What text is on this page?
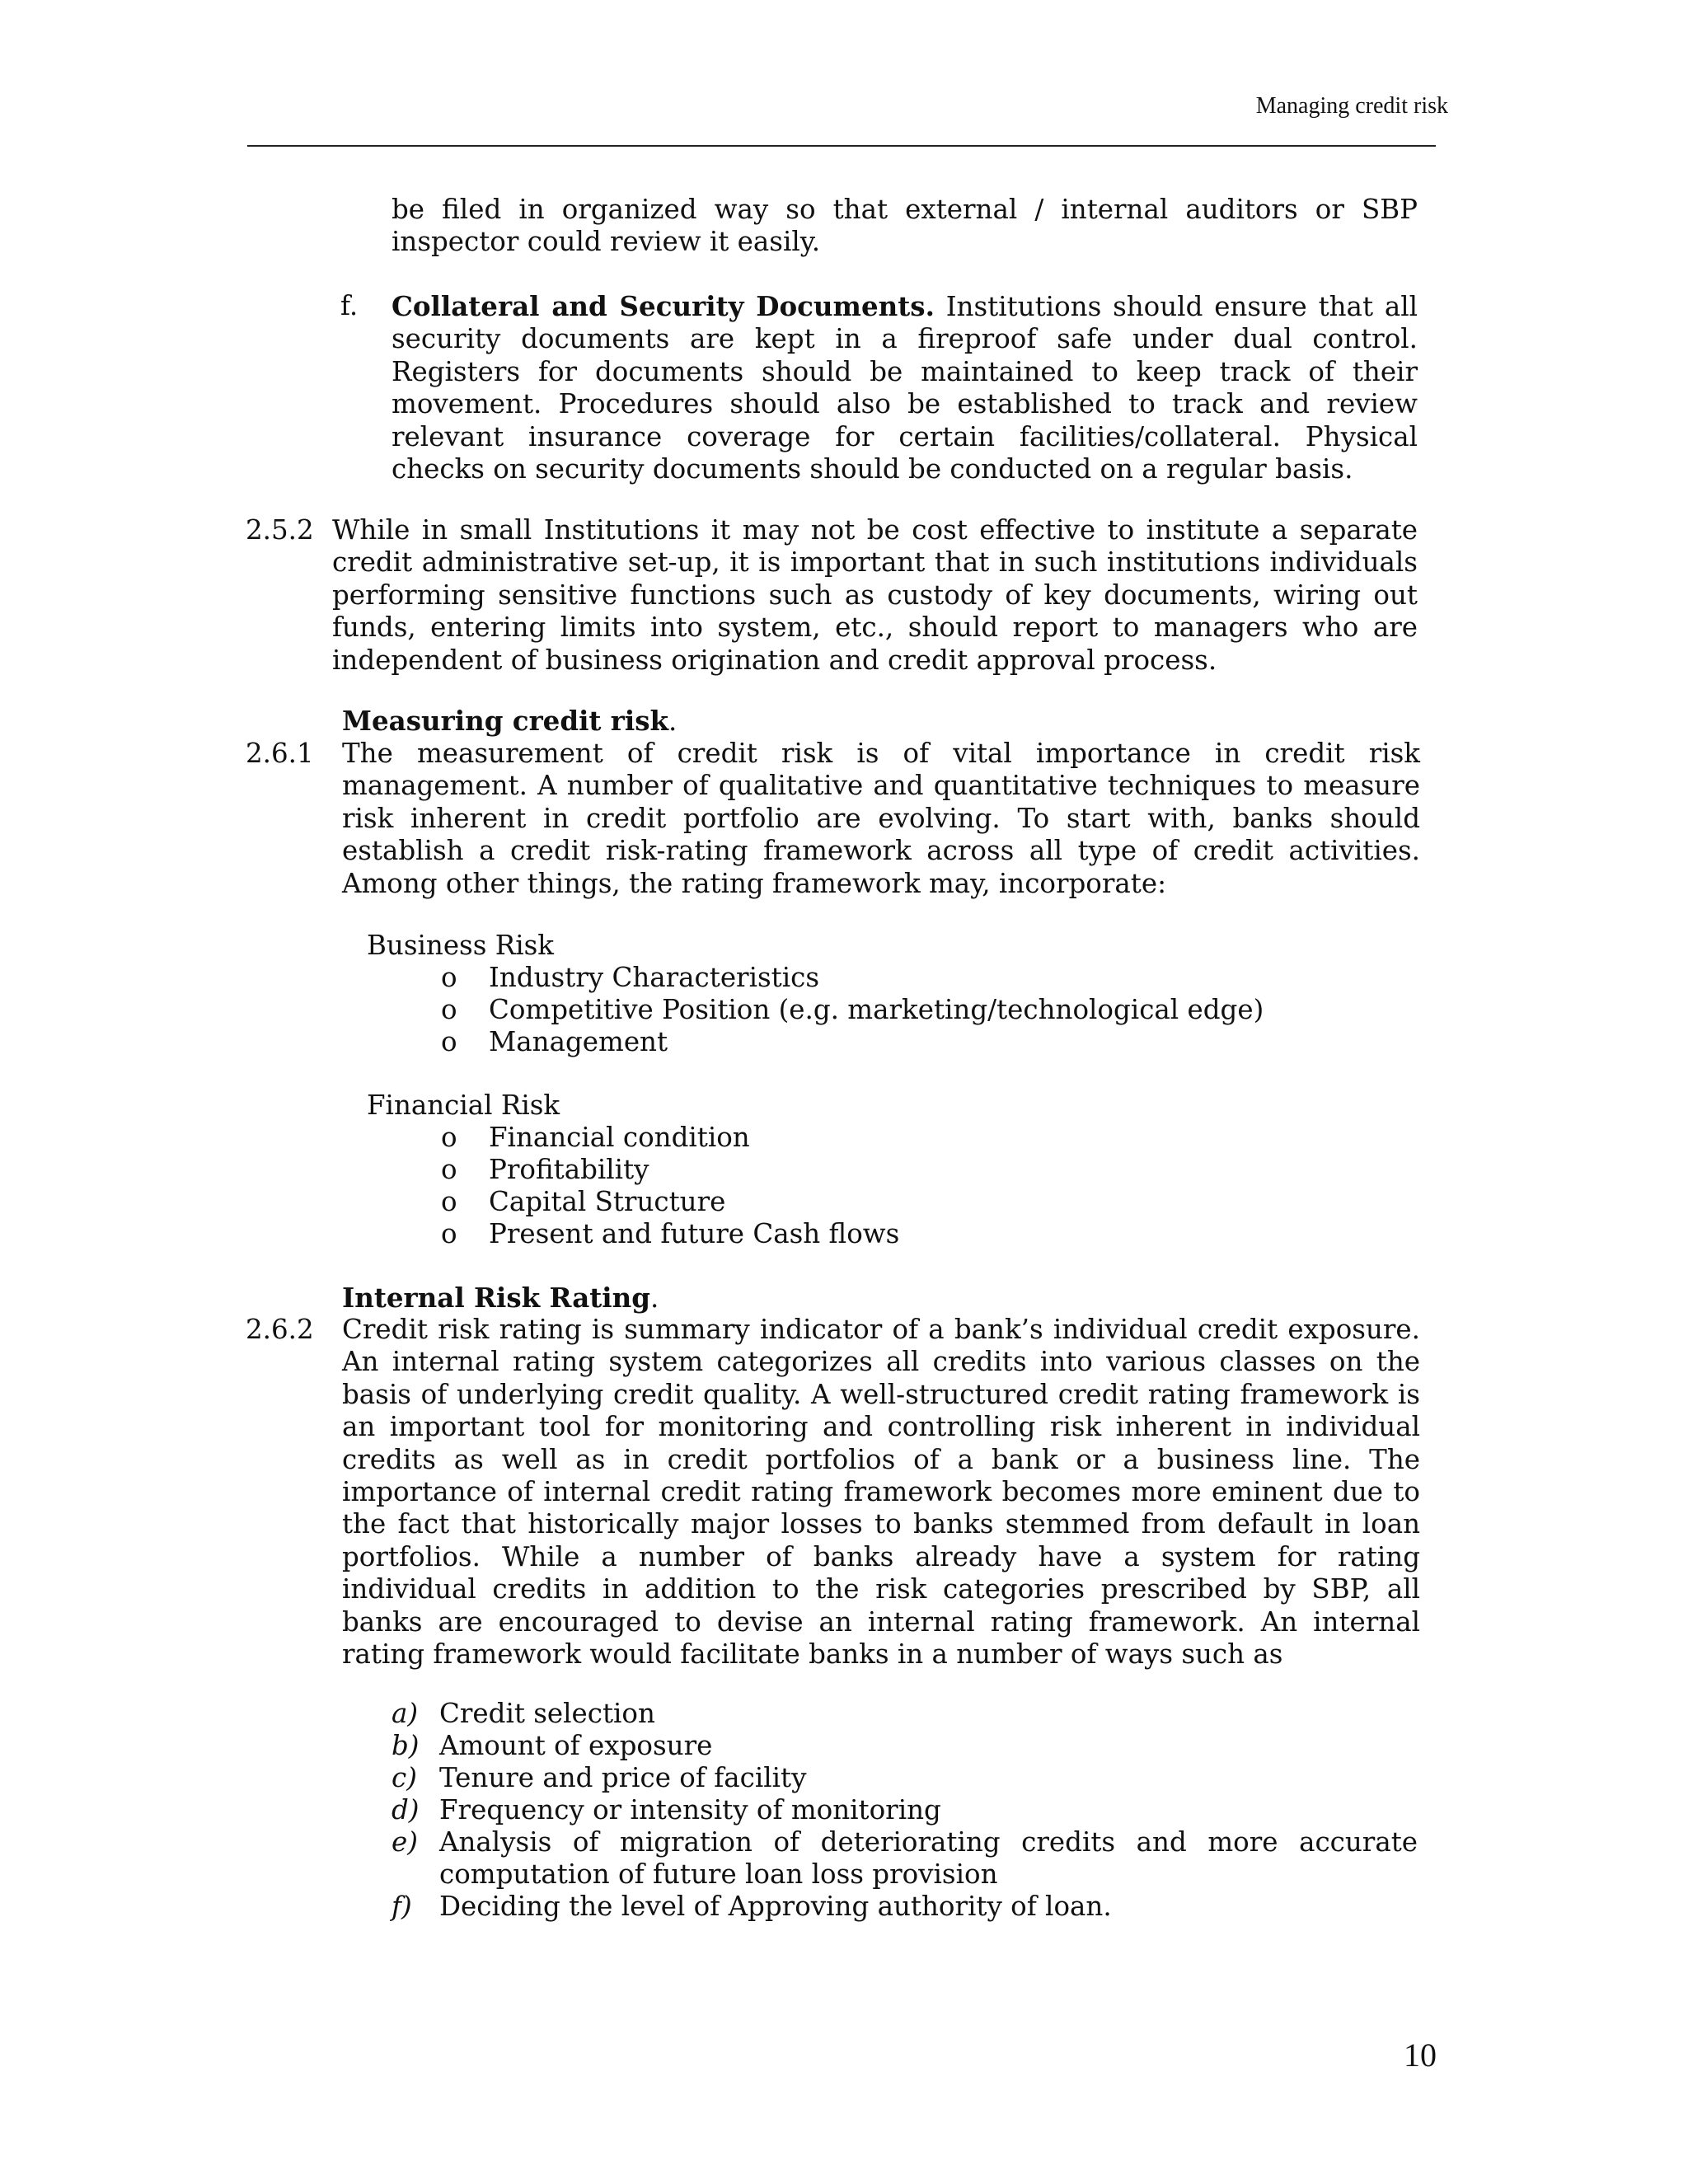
Managing credit risk
be filed in organized way so that external / internal auditors or SBP inspector could review it easily.
f. Collateral and Security Documents. Institutions should ensure that all security documents are kept in a fireproof safe under dual control. Registers for documents should be maintained to keep track of their movement. Procedures should also be established to track and review relevant insurance coverage for certain facilities/collateral. Physical checks on security documents should be conducted on a regular basis.
2.5.2 While in small Institutions it may not be cost effective to institute a separate credit administrative set-up, it is important that in such institutions individuals performing sensitive functions such as custody of key documents, wiring out funds, entering limits into system, etc., should report to managers who are independent of business origination and credit approval process.
Measuring credit risk.
2.6.1 The measurement of credit risk is of vital importance in credit risk management. A number of qualitative and quantitative techniques to measure risk inherent in credit portfolio are evolving. To start with, banks should establish a credit risk-rating framework across all type of credit activities. Among other things, the rating framework may, incorporate:
Business Risk
o Industry Characteristics
o Competitive Position (e.g. marketing/technological edge)
o Management
Financial Risk
o Financial condition
o Profitability
o Capital Structure
o Present and future Cash flows
Internal Risk Rating.
2.6.2 Credit risk rating is summary indicator of a bank’s individual credit exposure. An internal rating system categorizes all credits into various classes on the basis of underlying credit quality. A well-structured credit rating framework is an important tool for monitoring and controlling risk inherent in individual credits as well as in credit portfolios of a bank or a business line. The importance of internal credit rating framework becomes more eminent due to the fact that historically major losses to banks stemmed from default in loan portfolios. While a number of banks already have a system for rating individual credits in addition to the risk categories prescribed by SBP, all banks are encouraged to devise an internal rating framework. An internal rating framework would facilitate banks in a number of ways such as
a) Credit selection
b) Amount of exposure
c) Tenure and price of facility
d) Frequency or intensity of monitoring
e) Analysis of migration of deteriorating credits and more accurate computation of future loan loss provision
f) Deciding the level of Approving authority of loan.
10
